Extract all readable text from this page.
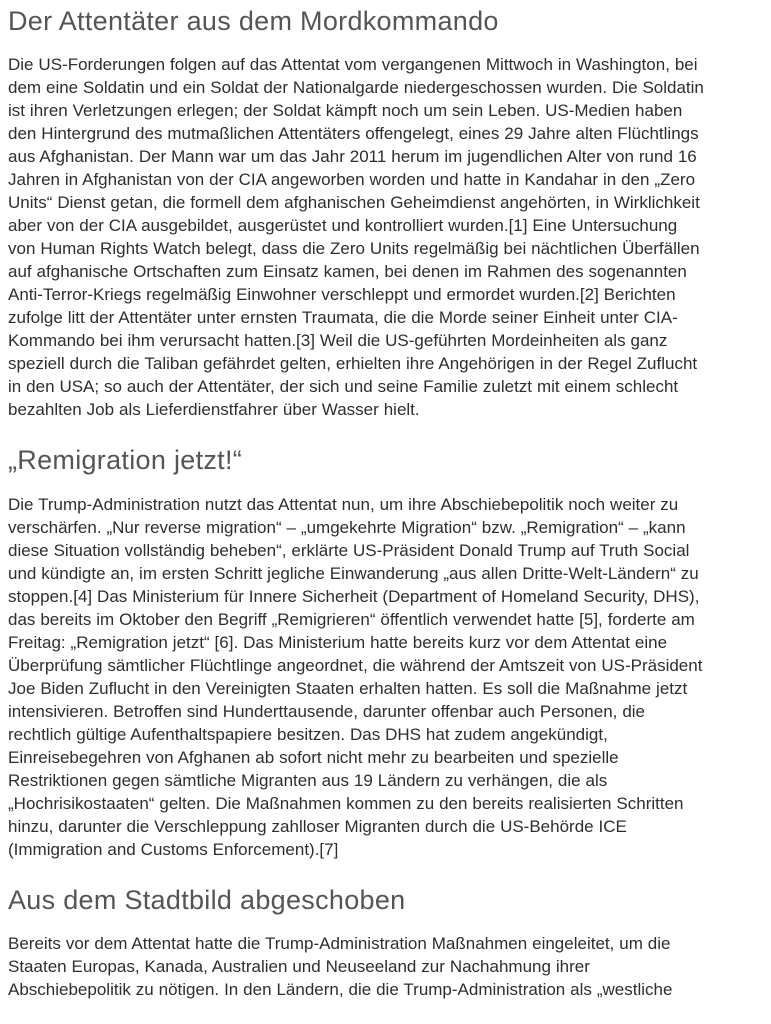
Der Attentäter aus dem Mordkommando

Die US-Forderungen folgen auf das Attentat vom vergangenen Mittwoch in Washington, bei dem eine Soldatin und ein Soldat der Nationalgarde niedergeschossen wurden. Die Soldatin ist ihren Verletzungen erlegen; der Soldat kämpft noch um sein Leben. US-Medien haben den Hintergrund des mutmaßlichen Attentäters offengelegt, eines 29 Jahre alten Flüchtlings aus Afghanistan. Der Mann war um das Jahr 2011 herum im jugendlichen Alter von rund 16 Jahren in Afghanistan von der CIA angeworben worden und hatte in Kandahar in den „Zero Units“ Dienst getan, die formell dem afghanischen Geheimdienst angehörten, in Wirklichkeit aber von der CIA ausgebildet, ausgerüstet und kontrolliert wurden.[1] Eine Untersuchung von Human Rights Watch belegt, dass die Zero Units regelmäßig bei nächtlichen Überfällen auf afghanische Ortschaften zum Einsatz kamen, bei denen im Rahmen des sogenannten Anti-Terror-Kriegs regelmäßig Einwohner verschleppt und ermordet wurden.[2] Berichten zufolge litt der Attentäter unter ernsten Traumata, die die Morde seiner Einheit unter CIA-Kommando bei ihm verursacht hatten.[3] Weil die US-geführten Mordeinheiten als ganz speziell durch die Taliban gefährdet gelten, erhielten ihre Angehörigen in der Regel Zuflucht in den USA; so auch der Attentäter, der sich und seine Familie zuletzt mit einem schlecht bezahlten Job als Lieferdienstfahrer über Wasser hielt.

„Remigration jetzt!“

Die Trump-Administration nutzt das Attentat nun, um ihre Abschiebepolitik noch weiter zu verschärfen. „Nur reverse migration“ – „umgekehrte Migration“ bzw. „Remigration“ – „kann diese Situation vollständig beheben“, erklärte US-Präsident Donald Trump auf Truth Social und kündigte an, im ersten Schritt jegliche Einwanderung „aus allen Dritte-Welt-Ländern“ zu stoppen.[4] Das Ministerium für Innere Sicherheit (Department of Homeland Security, DHS), das bereits im Oktober den Begriff „Remigrieren“ öffentlich verwendet hatte [5], forderte am Freitag: „Remigration jetzt“ [6]. Das Ministerium hatte bereits kurz vor dem Attentat eine Überprüfung sämtlicher Flüchtlinge angeordnet, die während der Amtszeit von US-Präsident Joe Biden Zuflucht in den Vereinigten Staaten erhalten hatten. Es soll die Maßnahme jetzt intensivieren. Betroffen sind Hunderttausende, darunter offenbar auch Personen, die rechtlich gültige Aufenthaltspapiere besitzen. Das DHS hat zudem angekündigt, Einreisebegehren von Afghanen ab sofort nicht mehr zu bearbeiten und spezielle Restriktionen gegen sämtliche Migranten aus 19 Ländern zu verhängen, die als „Hochrisikostaaten“ gelten. Die Maßnahmen kommen zu den bereits realisierten Schritten hinzu, darunter die Verschleppung zahlloser Migranten durch die US-Behörde ICE (Immigration and Customs Enforcement).[7]

Aus dem Stadtbild abgeschoben

Bereits vor dem Attentat hatte die Trump-Administration Maßnahmen eingeleitet, um die Staaten Europas, Kanada, Australien und Neuseeland zur Nachahmung ihrer Abschiebepolitik zu nötigen. In den Ländern, die die Trump-Administration als „westliche
